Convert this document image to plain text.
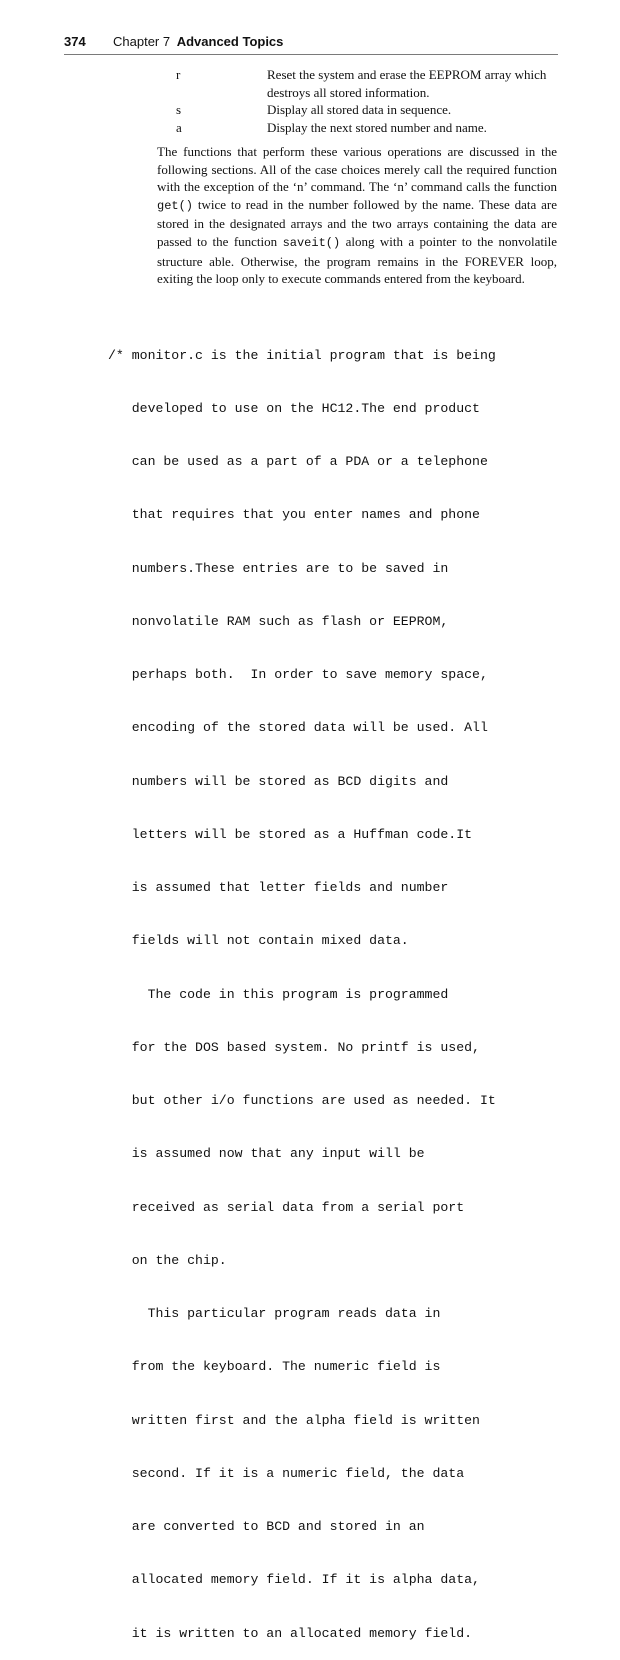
374 Chapter 7 Advanced Topics
r	Reset the system and erase the EEPROM array which destroys all stored information.
s	Display all stored data in sequence.
a	Display the next stored number and name.

The functions that perform these various operations are discussed in the following sections. All of the case choices merely call the required function with the exception of the ‘n’ command. The ‘n’ command calls the function get() twice to read in the number followed by the name. These data are stored in the designated arrays and the two arrays containing the data are passed to the function saveit() along with a pointer to the nonvolatile structure able. Otherwise, the program remains in the FOREVER loop, exiting the loop only to execute commands entered from the keyboard.

/* monitor.c is the initial program that is being

developed to use on the HC12.The end product

can be used as a part of a PDA or a telephone

that requires that you enter names and phone

numbers.These entries are to be saved in

nonvolatile RAM such as flash or EEPROM,

perhaps both.  In order to save memory space,

encoding of the stored data will be used. All

numbers will be stored as BCD digits and

letters will be stored as a Huffman code.It

is assumed that letter fields and number

fields will not contain mixed data.

The code in this program is programmed

for the DOS based system. No printf is used,

but other i/o functions are used as needed. It

is assumed now that any input will be

received as serial data from a serial port

on the chip.

This particular program reads data in

from the keyboard. The numeric field is

written first and the alpha field is written

second. If it is a numeric field, the data

are converted to BCD and stored in an

allocated memory field. If it is alpha data,

it is written to an allocated memory field.
